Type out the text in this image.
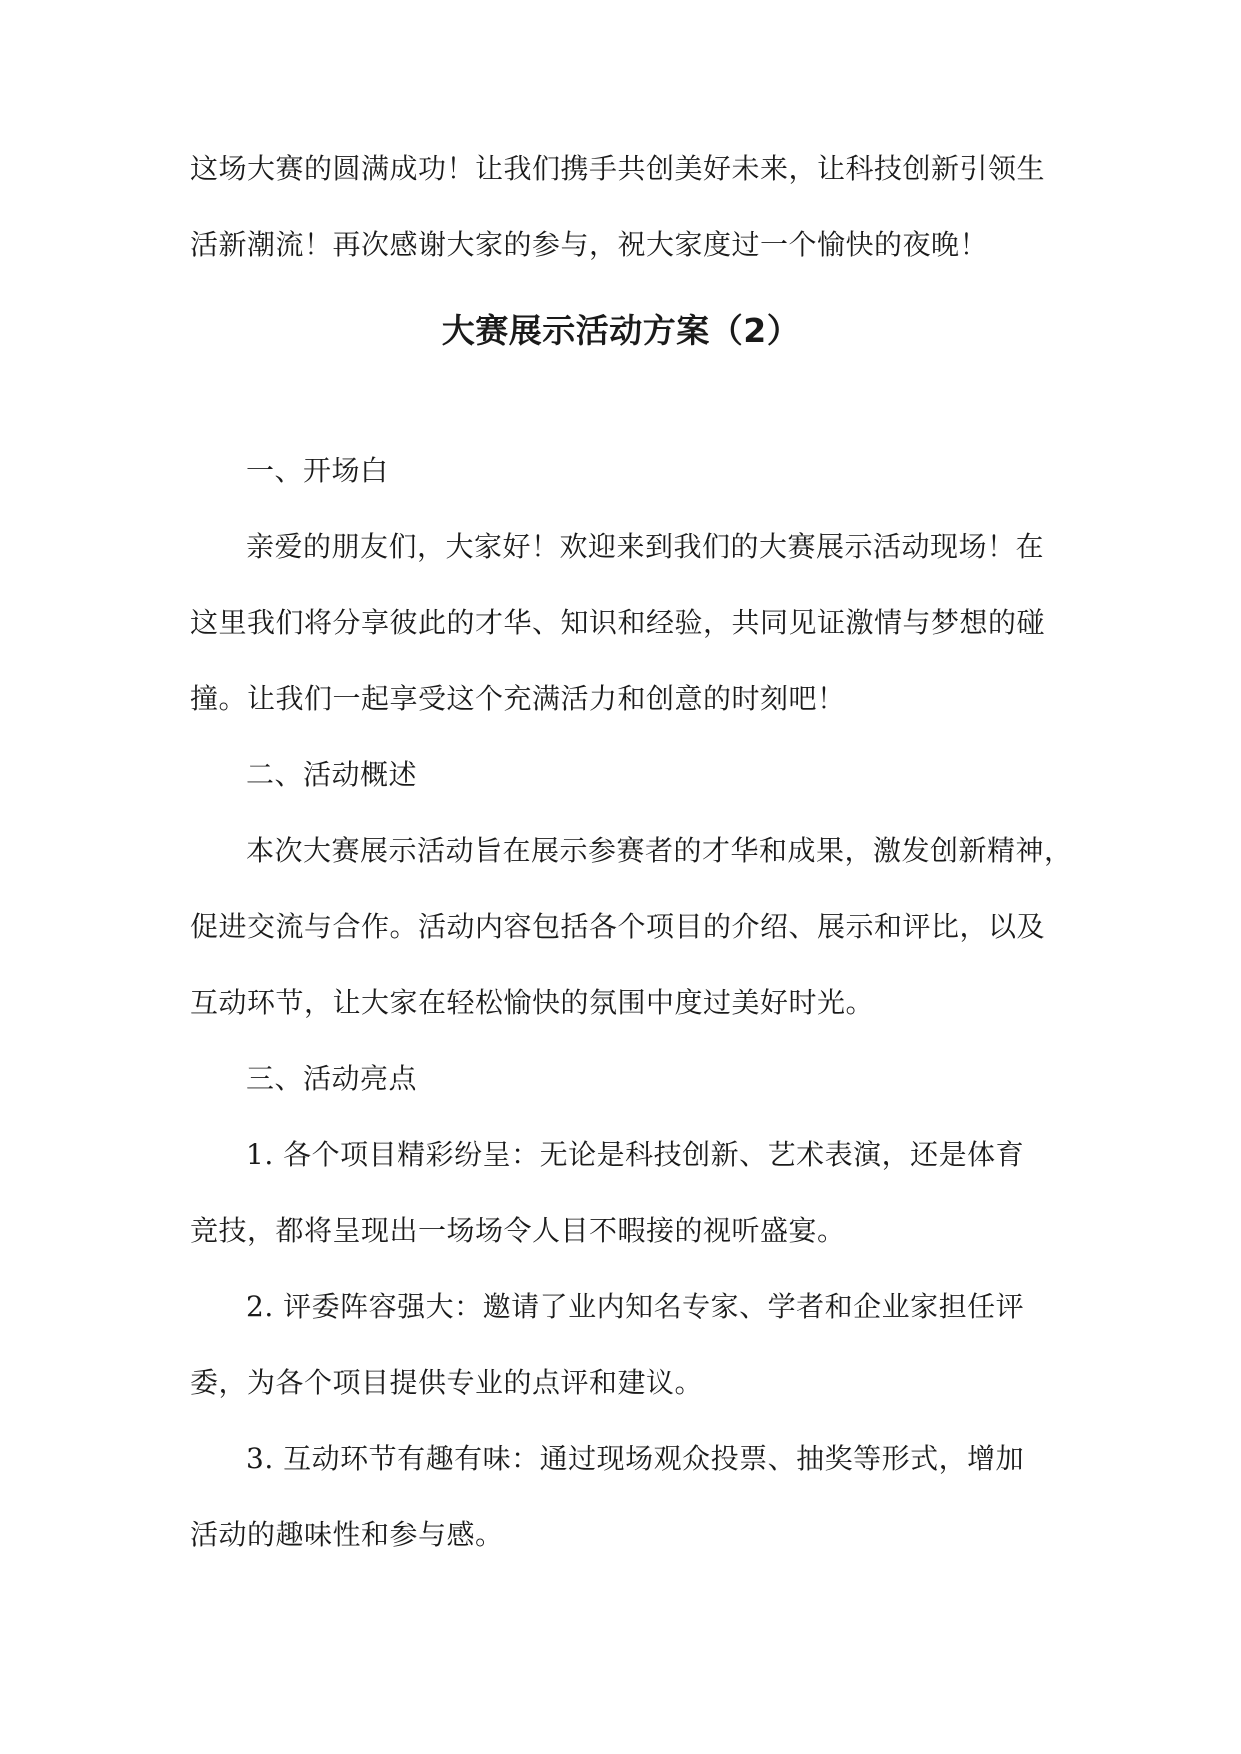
这场大赛的圆满成功！让我们携手共创美好未来，让科技创新引领生
活新潮流！再次感谢大家的参与，祝大家度过一个愉快的夜晚！
大赛展示活动方案（2）
一、开场白
亲爱的朋友们，大家好！欢迎来到我们的大赛展示活动现场！在
这里我们将分享彼此的才华、知识和经验，共同见证激情与梦想的碰
撞。让我们一起享受这个充满活力和创意的时刻吧！
二、活动概述
本次大赛展示活动旨在展示参赛者的才华和成果，激发创新精神，
促进交流与合作。活动内容包括各个项目的介绍、展示和评比，以及
互动环节，让大家在轻松愉快的氛围中度过美好时光。
三、活动亮点
1. 各个项目精彩纷呈：无论是科技创新、艺术表演，还是体育
竞技，都将呈现出一场场令人目不暇接的视听盛宴。
2. 评委阵容强大：邀请了业内知名专家、学者和企业家担任评
委，为各个项目提供专业的点评和建议。
3. 互动环节有趣有味：通过现场观众投票、抽奖等形式，增加
活动的趣味性和参与感。
